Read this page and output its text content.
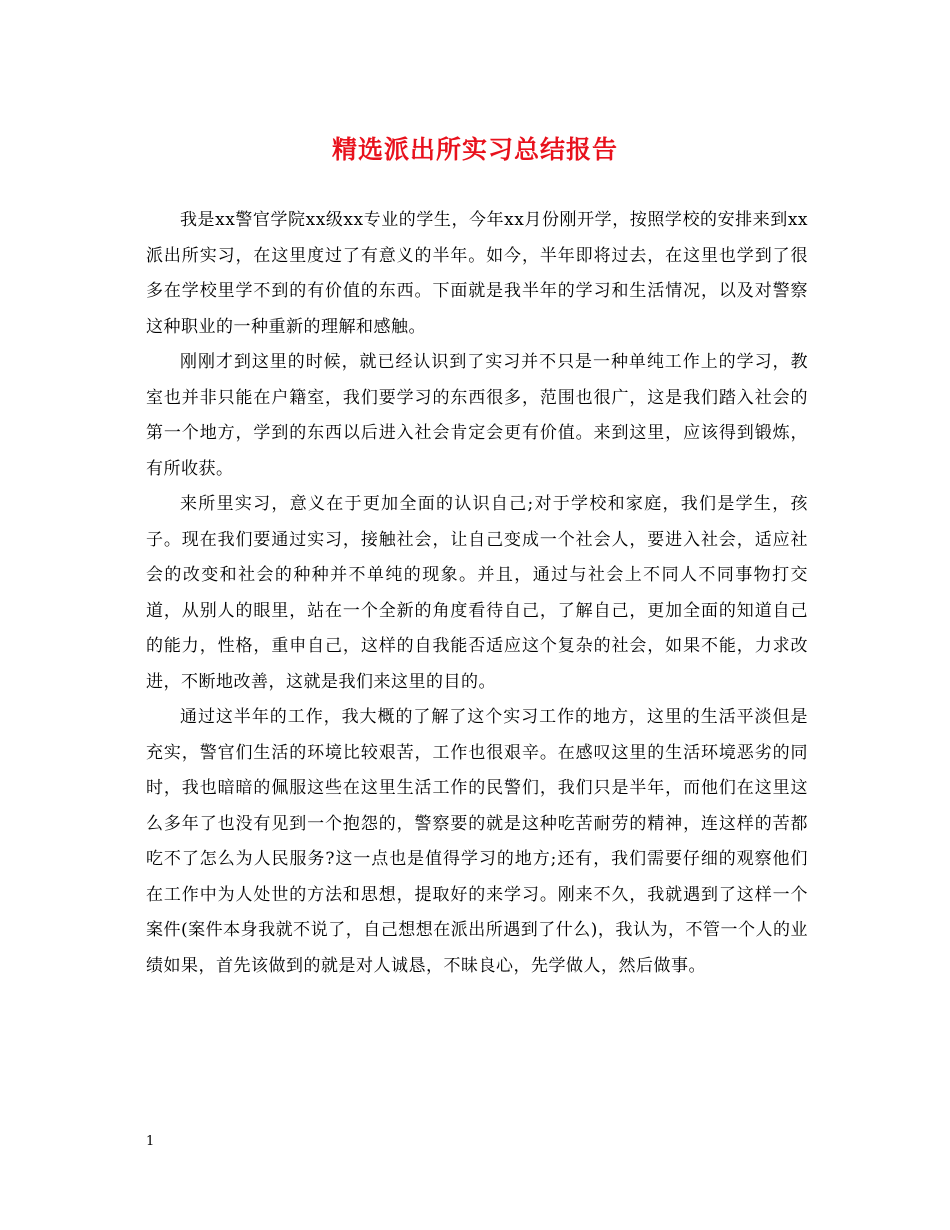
精选派出所实习总结报告

我是xx警官学院xx级xx专业的学生，今年xx月份刚开学，按照学校的安排来到xx派出所实习，在这里度过了有意义的半年。如今，半年即将过去，在这里也学到了很多在学校里学不到的有价值的东西。下面就是我半年的学习和生活情况，以及对警察这种职业的一种重新的理解和感触。

刚刚才到这里的时候，就已经认识到了实习并不只是一种单纯工作上的学习，教室也并非只能在户籍室，我们要学习的东西很多，范围也很广，这是我们踏入社会的第一个地方，学到的东西以后进入社会肯定会更有价值。来到这里，应该得到锻炼，有所收获。

来所里实习，意义在于更加全面的认识自己;对于学校和家庭，我们是学生，孩子。现在我们要通过实习，接触社会，让自己变成一个社会人，要进入社会，适应社会的改变和社会的种种并不单纯的现象。并且，通过与社会上不同人不同事物打交道，从别人的眼里，站在一个全新的角度看待自己，了解自己，更加全面的知道自己的能力，性格，重申自己，这样的自我能否适应这个复杂的社会，如果不能，力求改进，不断地改善，这就是我们来这里的目的。

通过这半年的工作，我大概的了解了这个实习工作的地方，这里的生活平淡但是充实，警官们生活的环境比较艰苦，工作也很艰辛。在感叹这里的生活环境恶劣的同时，我也暗暗的佩服这些在这里生活工作的民警们，我们只是半年，而他们在这里这么多年了也没有见到一个抱怨的，警察要的就是这种吃苦耐劳的精神，连这样的苦都吃不了怎么为人民服务?这一点也是值得学习的地方;还有，我们需要仔细的观察他们在工作中为人处世的方法和思想，提取好的来学习。刚来不久，我就遇到了这样一个案件(案件本身我就不说了，自己想想在派出所遇到了什么)，我认为，不管一个人的业绩如果，首先该做到的就是对人诚恳，不昧良心，先学做人，然后做事。

1
